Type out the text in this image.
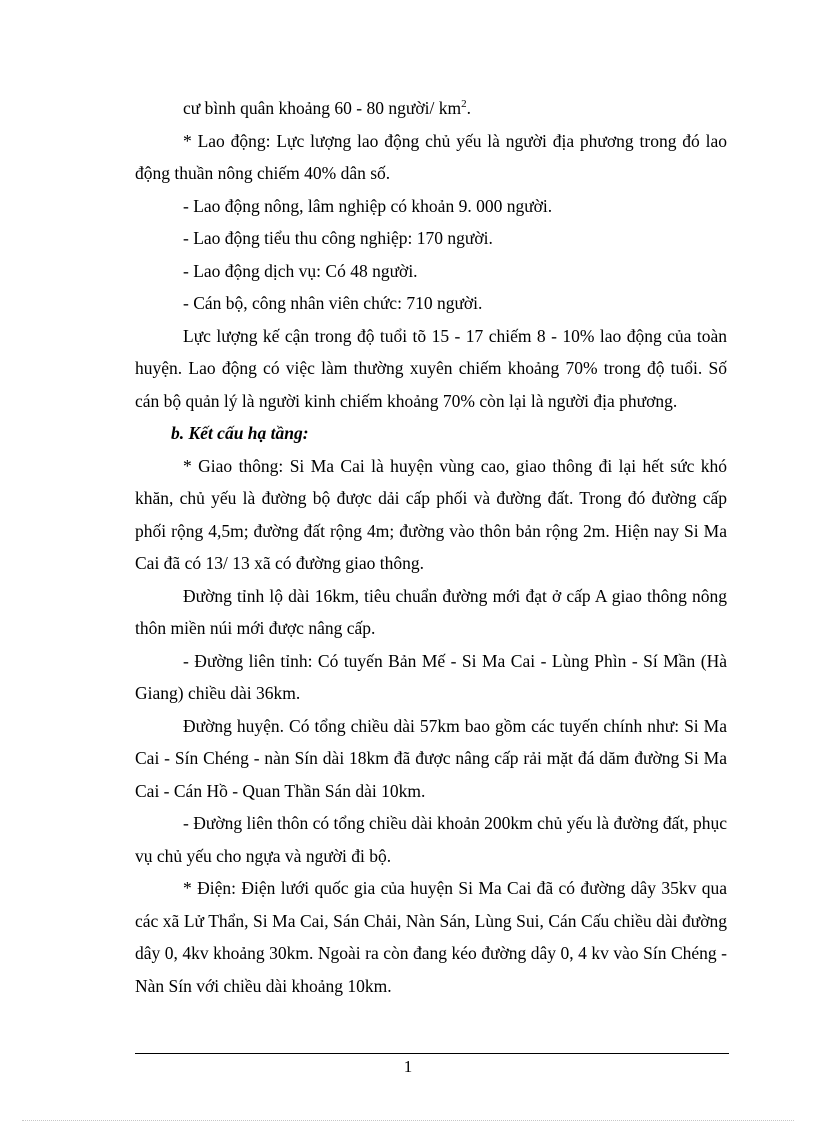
cư bình quân khoảng 60 - 80 người/ $km^2$.

* Lao động: Lực lượng lao động chủ yếu là người địa phương trong đó lao động thuần nông chiếm 40% dân số.

- Lao động nông, lâm nghiệp có khoản 9. 000 người.

- Lao động tiểu thu công nghiệp: 170 người.

- Lao động dịch vụ: Có 48 người.

- Cán bộ, công nhân viên chức: 710 người.

Lực lượng kế cận trong độ tuổi tõ 15 - 17 chiếm 8 - 10% lao động của toàn huyện. Lao động có việc làm thường xuyên chiếm khoảng 70% trong độ tuổi. Số cán bộ quản lý là người kinh chiếm khoảng 70% còn lại là người địa phương.

b. Kết cấu hạ tầng:

* Giao thông: Si Ma Cai là huyện vùng cao, giao thông đi lại hết sức khó khăn, chủ yếu là đường bộ được dải cấp phối và đường đất. Trong đó đường cấp phối rộng 4,5m; đường đất rộng 4m; đường vào thôn bản rộng 2m. Hiện nay Si Ma Cai đã có 13/ 13 xã có đường giao thông.

Đường tỉnh lộ dài 16km, tiêu chuẩn đường mới đạt ở cấp A giao thông nông thôn miền núi mới được nâng cấp.

- Đường liên tỉnh: Có tuyến Bản Mế - Si Ma Cai - Lùng Phìn - Sí Mần (Hà Giang) chiều dài 36km.

Đường huyện. Có tổng chiều dài 57km bao gồm các tuyến chính như: Si Ma Cai - Sín Chéng - nàn Sín dài 18km đã được nâng cấp rải mặt đá dăm đường Si Ma Cai - Cán Hồ - Quan Thần Sán dài 10km.

- Đường liên thôn có tổng chiều dài khoản 200km chủ yếu là đường đất, phục vụ chủ yếu cho ngựa và người đi bộ.

* Điện: Điện lưới quốc gia của huyện Si Ma Cai đã có đường dây 35kv qua các xã Lử Thẩn, Si Ma Cai, Sán Chải, Nàn Sán, Lùng Sui, Cán Cấu chiều dài đường dây 0, 4kv khoảng 30km. Ngoài ra còn đang kéo đường dây 0, 4 kv vào Sín Chéng - Nàn Sín với chiều dài khoảng 10km.

1
